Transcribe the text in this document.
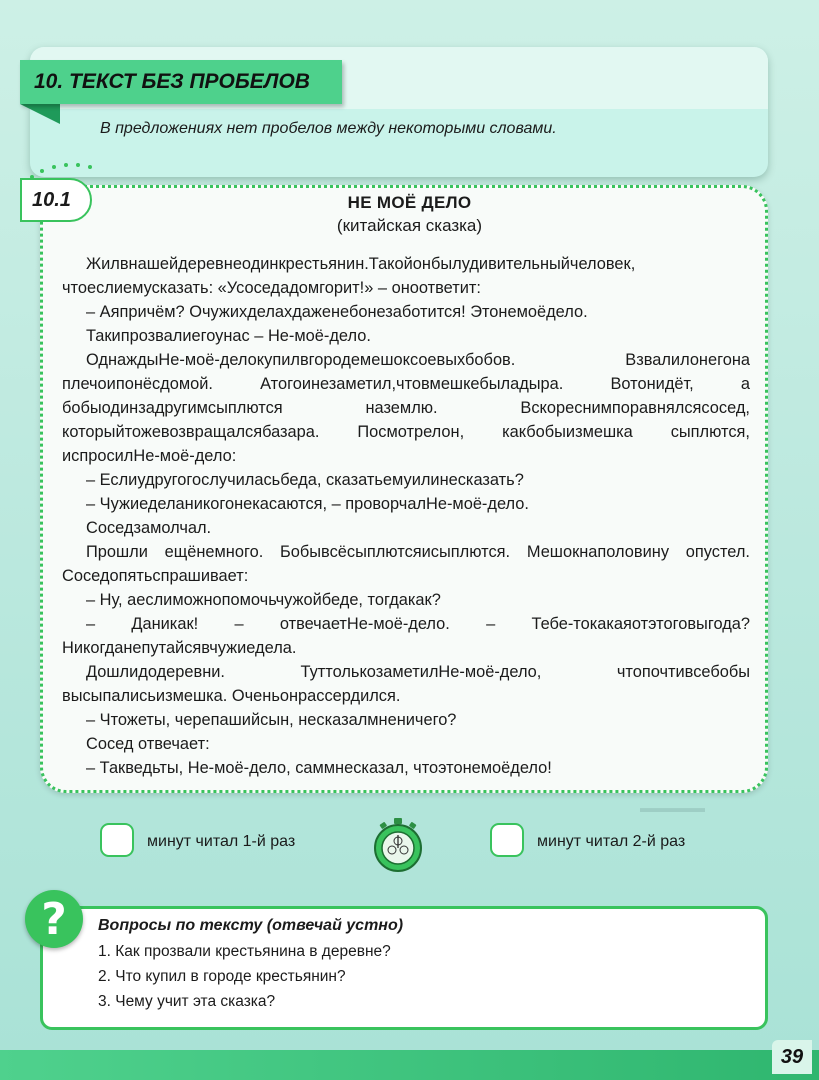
▬▬▬▬▬
10. ТЕКСТ БЕЗ ПРОБЕЛОВ
В предложениях нет пробелов между некоторыми словами.
10.1	НЕ МОЁ ДЕЛО
(китайская сказка)

Жилвнашейдеревнеодинкрестьянин.Такойонбылудивительныйчеловек, чтоеслиемусказать: «Усоседадомгорит!» – оноответит:

– Аяпричём? Очужихделахдаженебонезаботится! Этонемоёдело.

Такипрозвалиегоунас – Не-моё-дело.

ОднаждыНе-моё-делокупилвгородемешоксоевыхбобов. Взвалилонегона плечоипонёсдомой. Атогоинезаметил,чтовмешкебыладыра. Вотонидёт, а бобыодинзадругимсыплются наземлю. Вскореснимпоравнялсясосед, которыйтожевозвращалсябазара. Посмотрелон, какбобыизмешка сыплются, испросилНе-моё-дело:

– Еслиудругогослучиласьбеда, сказатьемуилинесказать?

– Чужиеделаникогонекасаются, – проворчалНе-моё-дело.

Соседзамолчал.

Прошли ещёнемного. Бобывсёсыплютсяисыплются. Мешокнаполовину опустел. Соседопятьспрашивает:

– Ну, аеслиможнопомочьчужойбеде, тогдакак?

– Даникак! – отвечаетНе-моё-дело. – Тебе-токакаяотэтоговыгода? Никогданепутайсявчужиедела.

Дошлидодеревни. ТуттолькозаметилНе-моё-дело, чтопочтивсебобы высыпалисьизмешка. Оченьонрассердился.

– Чтожеты, черепашийсын, несказалмненичего?

Сосед отвечает:

– Такведьты, Не-моё-дело, саммнесказал, чтоэтонемоёдело!

минут читал 1-й раз	минут читал 2-й раз
?	Вопросы по тексту (отвечай устно)
1. Как прозвали крестьянина в деревне?
2. Что купил в городе крестьянин?
3. Чему учит эта сказка?
39
